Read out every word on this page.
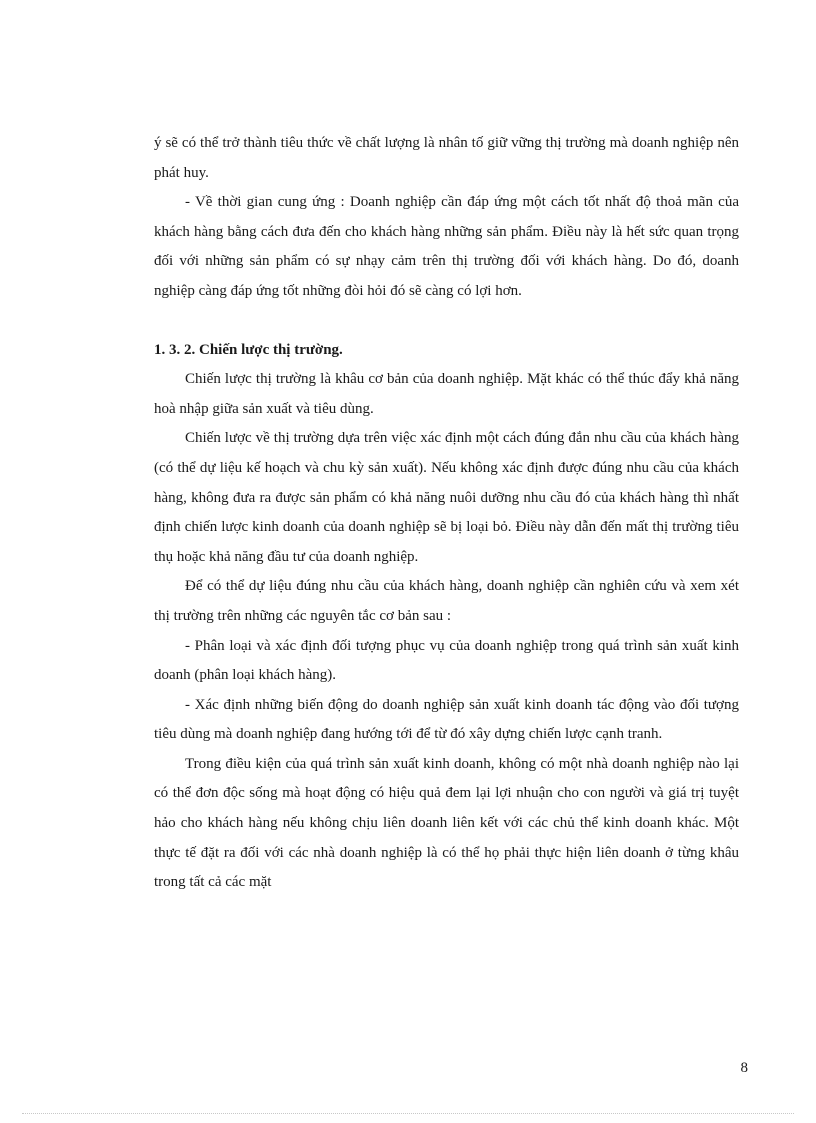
ý sẽ có thể trở thành tiêu thức về chất lượng là nhân tố giữ vững thị trường mà doanh nghiệp nên phát huy.

- Về thời gian cung ứng : Doanh nghiệp cần đáp ứng một cách tốt nhất độ thoả mãn của khách hàng bằng cách đưa đến cho khách hàng những sản phẩm. Điều này là hết sức quan trọng đối với những sản phẩm có sự nhạy cảm trên thị trường đối với khách hàng. Do đó, doanh nghiệp càng đáp ứng tốt những đòi hỏi đó sẽ càng có lợi hơn.

1. 3. 2. Chiến lược thị trường.

Chiến lược thị trường là khâu cơ bản của doanh nghiệp. Mặt khác có thể thúc đẩy khả năng hoà nhập giữa sản xuất và tiêu dùng.

Chiến lược về thị trường dựa trên việc xác định một cách đúng đắn nhu cầu của khách hàng (có thể dự liệu kế hoạch và chu kỳ sản xuất). Nếu không xác định được đúng nhu cầu của khách hàng, không đưa ra được sản phẩm có khả năng nuôi dưỡng nhu cầu đó của khách hàng thì nhất định chiến lược kinh doanh của doanh nghiệp sẽ bị loại bỏ. Điều này dẫn đến mất thị trường tiêu thụ hoặc khả năng đầu tư của doanh nghiệp.

Để có thể dự liệu đúng nhu cầu của khách hàng, doanh nghiệp cần nghiên cứu và xem xét thị trường trên những các nguyên tắc cơ bản sau :

- Phân loại và xác định đối tượng phục vụ của doanh nghiệp trong quá trình sản xuất kinh doanh (phân loại khách hàng).

- Xác định những biến động do doanh nghiệp sản xuất kinh doanh tác động vào đối tượng tiêu dùng mà doanh nghiệp đang hướng tới để từ đó xây dựng chiến lược cạnh tranh.

Trong điều kiện của quá trình sản xuất kinh doanh, không có một nhà doanh nghiệp nào lại có thể đơn độc sống mà hoạt động có hiệu quả đem lại lợi nhuận cho con người và giá trị tuyệt hảo cho khách hàng nếu không chịu liên doanh liên kết với các chủ thể kinh doanh khác. Một thực tế đặt ra đối với các nhà doanh nghiệp là có thể họ phải thực hiện liên doanh ở từng khâu trong tất cả các mặt

8
